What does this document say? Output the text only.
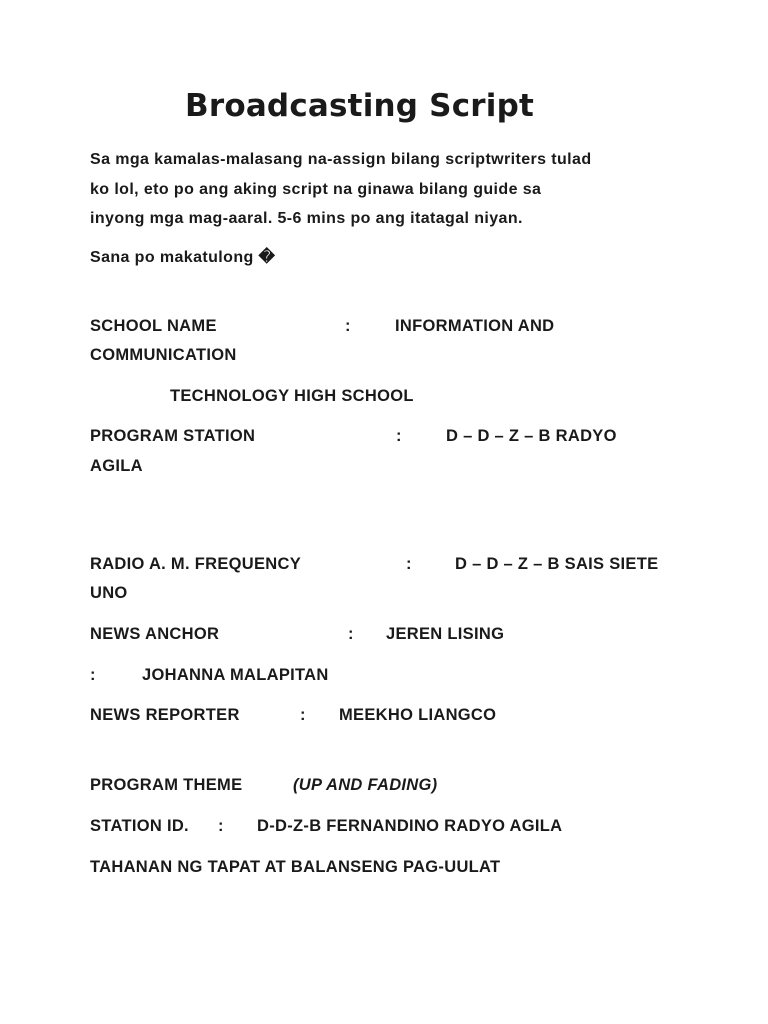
Broadcasting Script
Sa mga kamalas-malasang na-assign bilang scriptwriters tulad
ko lol, eto po ang aking script na ginawa bilang guide sa
inyong mga mag-aaral. 5-6 mins po ang itatagal niyan.
Sana po makatulong �
SCHOOL NAME	:	INFORMATION AND
COMMUNICATION
TECHNOLOGY HIGH SCHOOL
PROGRAM STATION	:	D – D – Z – B RADYO
AGILA
RADIO A. M. FREQUENCY	:	D – D – Z – B SAIS SIETE
UNO
NEWS ANCHOR	: JEREN LISING
:	JOHANNA MALAPITAN
NEWS REPORTER	: MEEKHO LIANGCO
PROGRAM THEME	(UP AND FADING)
STATION ID. : D-D-Z-B FERNANDINO RADYO AGILA
TAHANAN NG TAPAT AT BALANSENG PAG-UULAT
